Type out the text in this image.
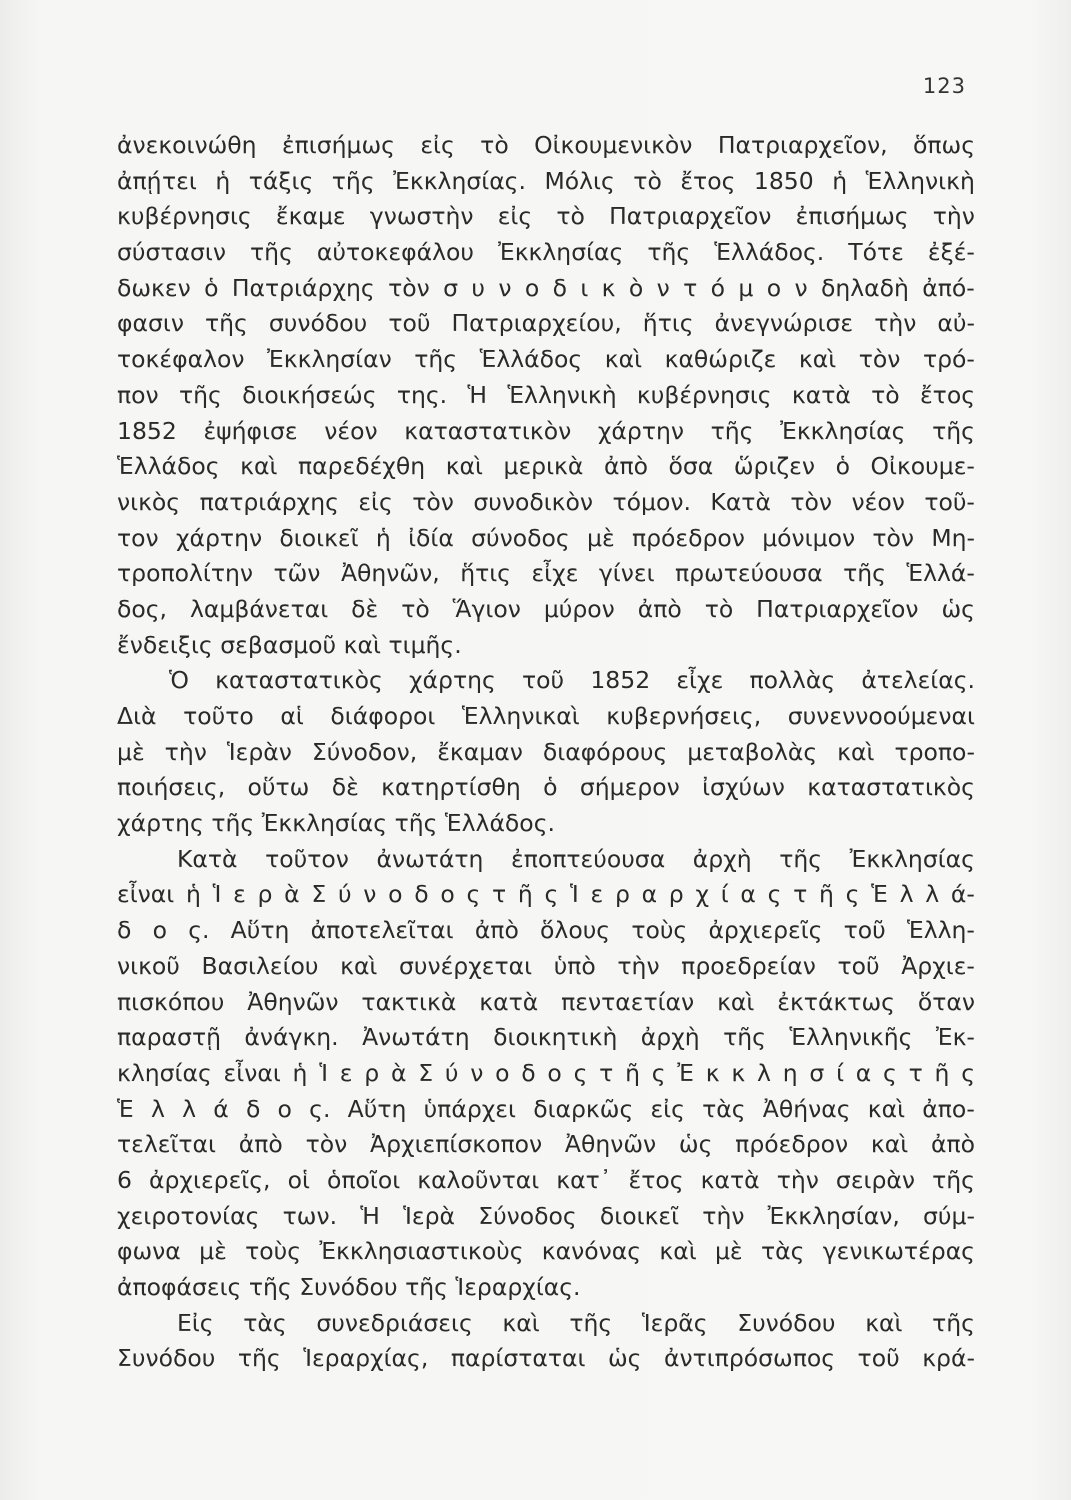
123
ἀνεκοινώθη ἐπισήμως εἰς τὸ Οἰκουμενικὸν Πατριαρχεῖον, ὅπως
ἀπῄτει ἡ τάξις τῆς Ἐκκλησίας. Μόλις τὸ ἔτος 1850 ἡ Ἑλληνικὴ
κυβέρνησις ἔκαμε γνωστὴν εἰς τὸ Πατριαρχεῖον ἐπισήμως τὴν
σύστασιν τῆς αὐτοκεφάλου Ἐκκλησίας τῆς Ἑλλάδος. Τότε ἐξέ-
δωκεν ὁ Πατριάρχης τὸν σ υ ν ο δ ι κ ὸ ν τ ό μ ο ν δηλαδὴ ἀπό-
φασιν τῆς συνόδου τοῦ Πατριαρχείου, ἥτις ἀνεγνώρισε τὴν αὐ-
τοκέφαλον Ἐκκλησίαν τῆς Ἑλλάδος καὶ καθώριζε καὶ τὸν τρό-
πον τῆς διοικήσεώς της. Ἡ Ἑλληνικὴ κυβέρνησις κατὰ τὸ ἔτος
1852 ἐψήφισε νέον καταστατικὸν χάρτην τῆς Ἐκκλησίας τῆς
Ἑλλάδος καὶ παρεδέχθη καὶ μερικὰ ἀπὸ ὅσα ὥριζεν ὁ Οἰκουμε-
νικὸς πατριάρχης εἰς τὸν συνοδικὸν τόμον. Κατὰ τὸν νέον τοῦ-
τον χάρτην διοικεῖ ἡ ἰδία σύνοδος μὲ πρόεδρον μόνιμον τὸν Μη-
τροπολίτην τῶν Ἀθηνῶν, ἥτις εἶχε γίνει πρωτεύουσα τῆς Ἑλλά-
δος, λαμβάνεται δὲ τὸ Ἅγιον μύρον ἀπὸ τὸ Πατριαρχεῖον ὡς
ἔνδειξις σεβασμοῦ καὶ τιμῆς.
Ὁ καταστατικὸς χάρτης τοῦ 1852 εἶχε πολλὰς ἀτελείας.
Διὰ τοῦτο αἱ διάφοροι Ἑλληνικαὶ κυβερνήσεις, συνεννοούμεναι
μὲ τὴν Ἱερὰν Σύνοδον, ἔκαμαν διαφόρους μεταβολὰς καὶ τροπο-
ποιήσεις, οὕτω δὲ κατηρτίσθη ὁ σήμερον ἰσχύων καταστατικὸς
χάρτης τῆς Ἐκκλησίας τῆς Ἑλλάδος.
Κατὰ τοῦτον ἀνωτάτη ἐποπτεύουσα ἀρχὴ τῆς Ἐκκλησίας
εἶναι ἡ Ἱ ε ρ ὰ Σ ύ ν ο δ ο ς τ ῆ ς Ἱ ε ρ α ρ χ ί α ς τ ῆ ς Ἑ λ λ ά-
δ ο ς. Αὕτη ἀποτελεῖται ἀπὸ ὅλους τοὺς ἀρχιερεῖς τοῦ Ἑλλη-
νικοῦ Βασιλείου καὶ συνέρχεται ὑπὸ τὴν προεδρείαν τοῦ Ἀρχιε-
πισκόπου Ἀθηνῶν τακτικὰ κατὰ πενταετίαν καὶ ἐκτάκτως ὅταν
παραστῇ ἀνάγκη. Ἀνωτάτη διοικητικὴ ἀρχὴ τῆς Ἑλληνικῆς Ἐκ-
κλησίας εἶναι ἡ Ἱ ε ρ ὰ Σ ύ ν ο δ ο ς τ ῆ ς Ἐ κ κ λ η σ ί α ς τ ῆ ς
Ἑ λ λ ά δ ο ς. Αὕτη ὑπάρχει διαρκῶς εἰς τὰς Ἀθήνας καὶ ἀπο-
τελεῖται ἀπὸ τὸν Ἀρχιεπίσκοπον Ἀθηνῶν ὡς πρόεδρον καὶ ἀπὸ
6 ἀρχιερεῖς, οἱ ὁποῖοι καλοῦνται κατ᾿ ἔτος κατὰ τὴν σειρὰν τῆς
χειροτονίας των. Ἡ Ἱερὰ Σύνοδος διοικεῖ τὴν Ἐκκλησίαν, σύμ-
φωνα μὲ τοὺς Ἐκκλησιαστικοὺς κανόνας καὶ μὲ τὰς γενικωτέρας
ἀποφάσεις τῆς Συνόδου τῆς Ἱεραρχίας.
Εἰς τὰς συνεδριάσεις καὶ τῆς Ἱερᾶς Συνόδου καὶ τῆς
Συνόδου τῆς Ἱεραρχίας, παρίσταται ὡς ἀντιπρόσωπος τοῦ κρά-
